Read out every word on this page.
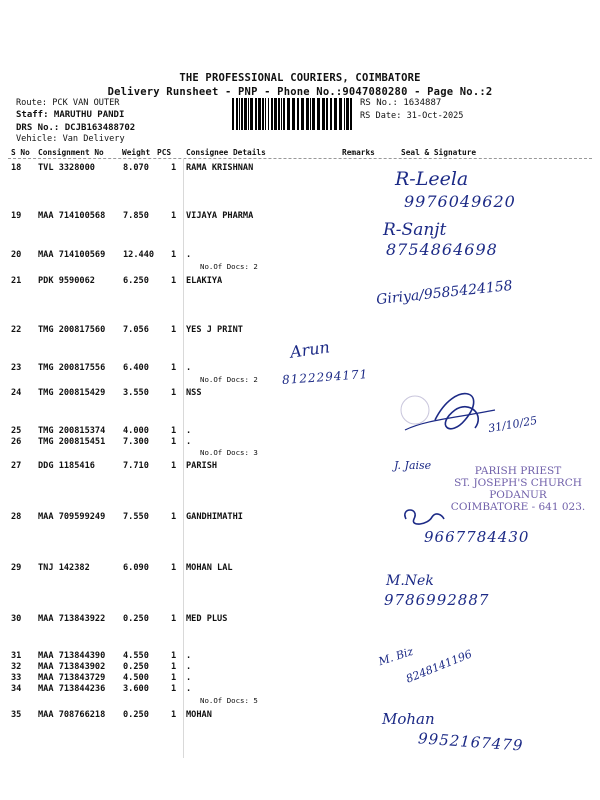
THE PROFESSIONAL COURIERS, COIMBATORE
Delivery Runsheet - PNP - Phone No.:9047080280 - Page No.:2
Route: PCK VAN OUTER
Staff: MARUTHU PANDI
DRS No.: DCJB163488702
Vehicle: Van Delivery
RS No.: 1634887
RS Date: 31-Oct-2025
S No Consignment No Weight PCS Consignee Details	Remarks	Seal & Signature
18 TVL 3328000	8.070	1 RAMA KRISHNAN
19 MAA 714100568 7.850	1 VIJAYA PHARMA
20 MAA 714100569 12.440 1 .
21 PDK 9590062	6.250	1 ELAKIYA
22 TMG 200817560 7.056	1 YES J PRINT
23 TMG 200817556 6.400	1 .
24 TMG 200815429 3.550	1 NSS
25 TMG 200815374 4.000	1 .
26 TMG 200815451 7.300	1 .
27 DDG 1185416	7.710	1 PARISH
28 MAA 709599249 7.550	1 GANDHIMATHI
29 TNJ 142382	6.090	1 MOHAN LAL
30 MAA 713843922 0.250	1 MED PLUS
31 MAA 713844390 4.550	1 .
32 MAA 713843902 0.250	1 .
33 MAA 713843729 4.500	1 .
34 MAA 713844236 3.600	1 .
35 MAA 708766218 0.250	1 MOHAN
No.Of Docs: 2
No.Of Docs: 2
No.Of Docs: 3
No.Of Docs: 5
R-Leela
9976049620
R-Sanjt
8754864698
Giriya/9585424158
Arun
8122294171
31/10/25
J. Jaise
9667784430
M.Nek
9786992887
M. Biz
8248141196
Mohan
9952167479
PARISH PRIEST
ST. JOSEPH'S CHURCH
PODANUR
COIMBATORE - 641 023.
